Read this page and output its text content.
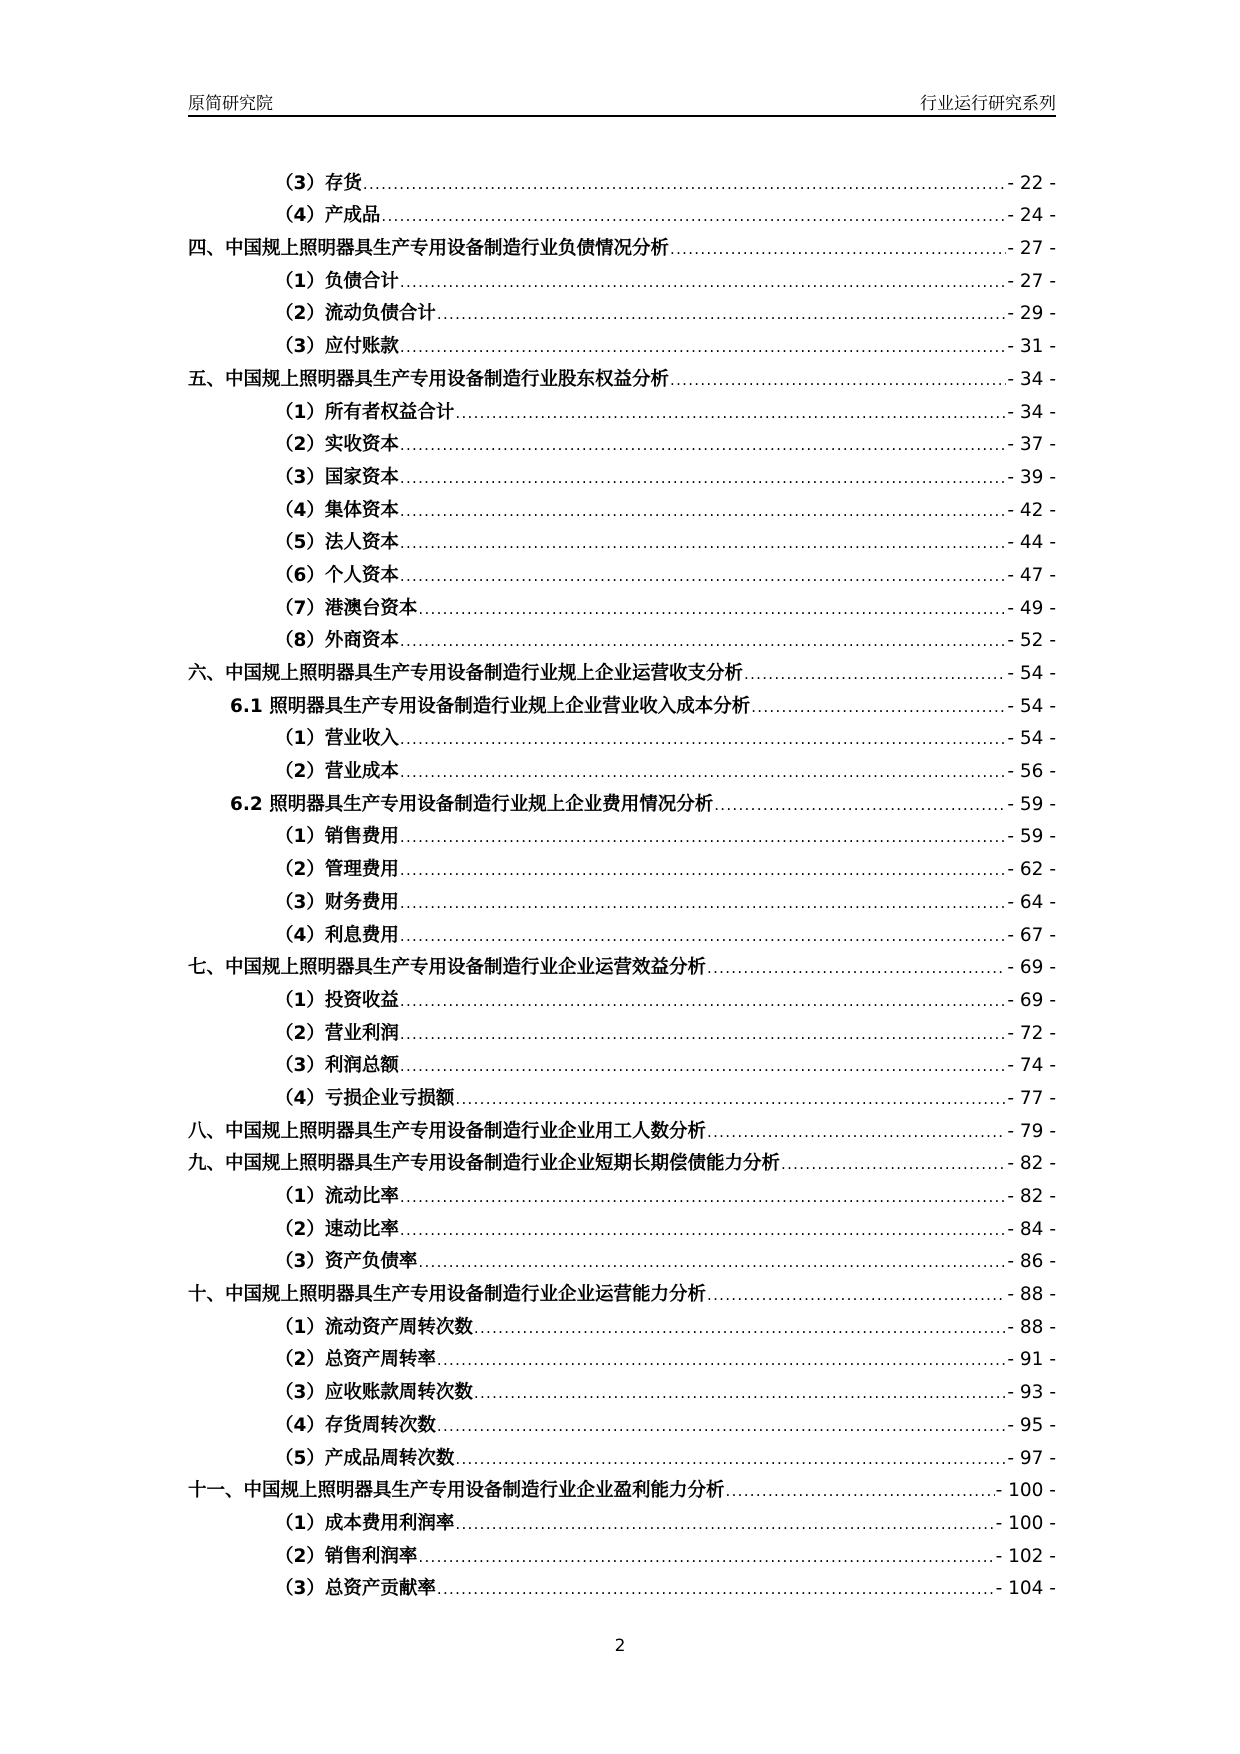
原简研究院	行业运行研究系列
（3）存货 .....	- 22 -
（4）产成品 .....	- 24 -
四、中国规上照明器具生产专用设备制造行业负债情况分析 .....	- 27 -
（1）负债合计 .....	- 27 -
（2）流动负债合计 .....	- 29 -
（3）应付账款 .....	- 31 -
五、中国规上照明器具生产专用设备制造行业股东权益分析 .....	- 34 -
（1）所有者权益合计 .....	- 34 -
（2）实收资本 .....	- 37 -
（3）国家资本 .....	- 39 -
（4）集体资本 .....	- 42 -
（5）法人资本 .....	- 44 -
（6）个人资本 .....	- 47 -
（7）港澳台资本 .....	- 49 -
（8）外商资本 .....	- 52 -
六、中国规上照明器具生产专用设备制造行业规上企业运营收支分析 .....	- 54 -
6.1 照明器具生产专用设备制造行业规上企业营业收入成本分析 .....	- 54 -
（1）营业收入 .....	- 54 -
（2）营业成本 .....	- 56 -
6.2 照明器具生产专用设备制造行业规上企业费用情况分析 .....	- 59 -
（1）销售费用 .....	- 59 -
（2）管理费用 .....	- 62 -
（3）财务费用 .....	- 64 -
（4）利息费用 .....	- 67 -
七、中国规上照明器具生产专用设备制造行业企业运营效益分析 .....	- 69 -
（1）投资收益 .....	- 69 -
（2）营业利润 .....	- 72 -
（3）利润总额 .....	- 74 -
（4）亏损企业亏损额 .....	- 77 -
八、中国规上照明器具生产专用设备制造行业企业用工人数分析 .....	- 79 -
九、中国规上照明器具生产专用设备制造行业企业短期长期偿债能力分析 .....	- 82 -
（1）流动比率 .....	- 82 -
（2）速动比率 .....	- 84 -
（3）资产负债率 .....	- 86 -
十、中国规上照明器具生产专用设备制造行业企业运营能力分析 .....	- 88 -
（1）流动资产周转次数 .....	- 88 -
（2）总资产周转率 .....	- 91 -
（3）应收账款周转次数 .....	- 93 -
（4）存货周转次数 .....	- 95 -
（5）产成品周转次数 .....	- 97 -
十一、中国规上照明器具生产专用设备制造行业企业盈利能力分析 .....	- 100 -
（1）成本费用利润率 .....	- 100 -
（2）销售利润率 .....	- 102 -
（3）总资产贡献率 .....	- 104 -
2
